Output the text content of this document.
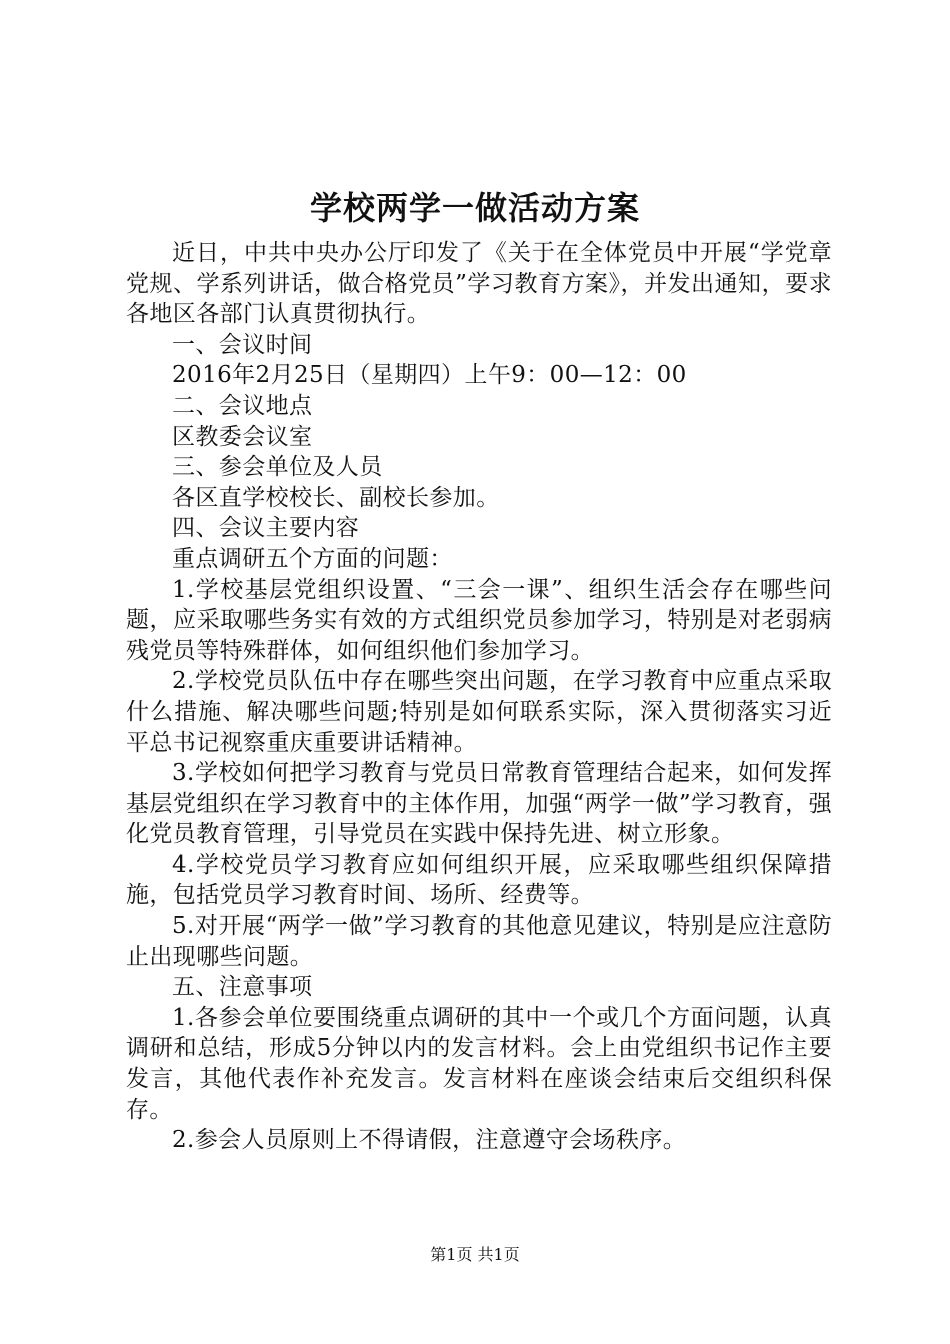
学校两学一做活动方案

近日，中共中央办公厅印发了《关于在全体党员中开展“学党章党规、学系列讲话，做合格党员”学习教育方案》，并发出通知，要求各地区各部门认真贯彻执行。

一、会议时间

2016年2月25日（星期四）上午9：00—12：00

二、会议地点

区教委会议室

三、参会单位及人员

各区直学校校长、副校长参加。

四、会议主要内容

重点调研五个方面的问题：

1.学校基层党组织设置、“三会一课”、组织生活会存在哪些问题，应采取哪些务实有效的方式组织党员参加学习，特别是对老弱病残党员等特殊群体，如何组织他们参加学习。

2.学校党员队伍中存在哪些突出问题，在学习教育中应重点采取什么措施、解决哪些问题;特别是如何联系实际，深入贯彻落实习近平总书记视察重庆重要讲话精神。

3.学校如何把学习教育与党员日常教育管理结合起来，如何发挥基层党组织在学习教育中的主体作用，加强“两学一做”学习教育，强化党员教育管理，引导党员在实践中保持先进、树立形象。

4.学校党员学习教育应如何组织开展，应采取哪些组织保障措施，包括党员学习教育时间、场所、经费等。

5.对开展“两学一做”学习教育的其他意见建议，特别是应注意防止出现哪些问题。

五、注意事项

1.各参会单位要围绕重点调研的其中一个或几个方面问题，认真调研和总结，形成5分钟以内的发言材料。会上由党组织书记作主要发言，其他代表作补充发言。发言材料在座谈会结束后交组织科保存。

2.参会人员原则上不得请假，注意遵守会场秩序。

第1页 共1页
